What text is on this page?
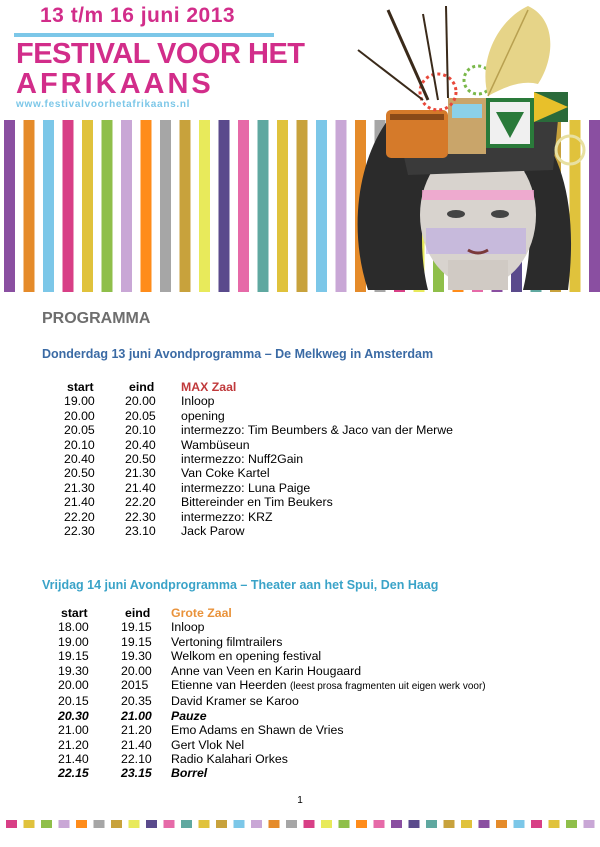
13 t/m 16 juni 2013
FESTIVAL VOOR HET
AFRIKAANS
www.festivalvoorhetafrikaans.nl
PROGRAMMA
Donderdag 13 juni Avondprogramma – De Melkweg in Amsterdam
start	eind	MAX Zaal
19.00	20.00	Inloop
20.00	20.05	opening
20.05	20.10	intermezzo: Tim Beumbers & Jaco van der Merwe
20.10	20.40	Wambüseun
20.40	20.50	intermezzo: Nuff2Gain
20.50	21.30	Van Coke Kartel
21.30	21.40	intermezzo: Luna Paige
21.40	22.20	Bittereinder en Tim Beukers
22.20	22.30	intermezzo: KRZ
22.30	23.10	Jack Parow
Vrijdag 14 juni Avondprogramma – Theater aan het Spui, Den Haag
start	eind	Grote Zaal
18.00	19.15	Inloop
19.00	19.15	Vertoning filmtrailers
19.15	19.30	Welkom en opening festival
19.30	20.00	Anne van Veen en Karin Hougaard
20.00	2015	Etienne van Heerden (leest prosa fragmenten uit eigen werk voor)
20.15	20.35	David Kramer se Karoo
20.30	21.00	Pauze
21.00	21.20	Emo Adams en Shawn de Vries
21.20	21.40	Gert Vlok Nel
21.40	22.10	Radio Kalahari Orkes
22.15	23.15	Borrel
1
